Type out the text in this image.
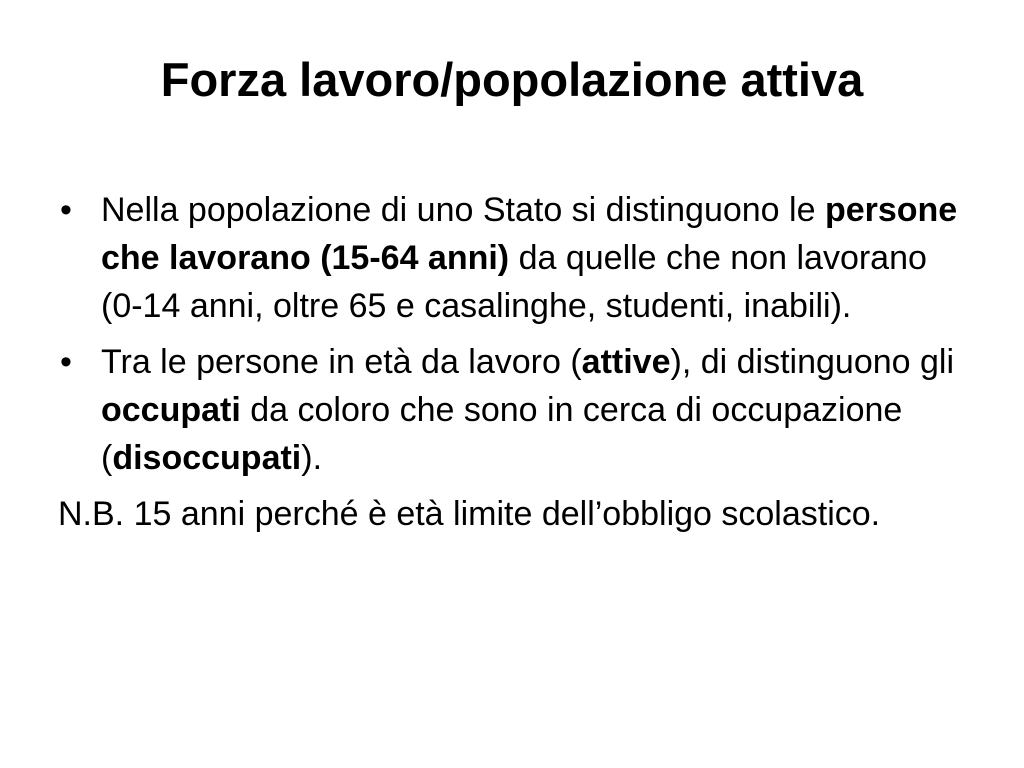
Forza lavoro/popolazione attiva
• Nella popolazione di uno Stato si distinguono le persone che lavorano (15-64 anni) da quelle che non lavorano (0-14 anni, oltre 65 e casalinghe, studenti, inabili).
• Tra le persone in età da lavoro (attive), di distinguono gli occupati da coloro che sono in cerca di occupazione (disoccupati).
N.B. 15 anni perché è età limite dell’obbligo scolastico.
